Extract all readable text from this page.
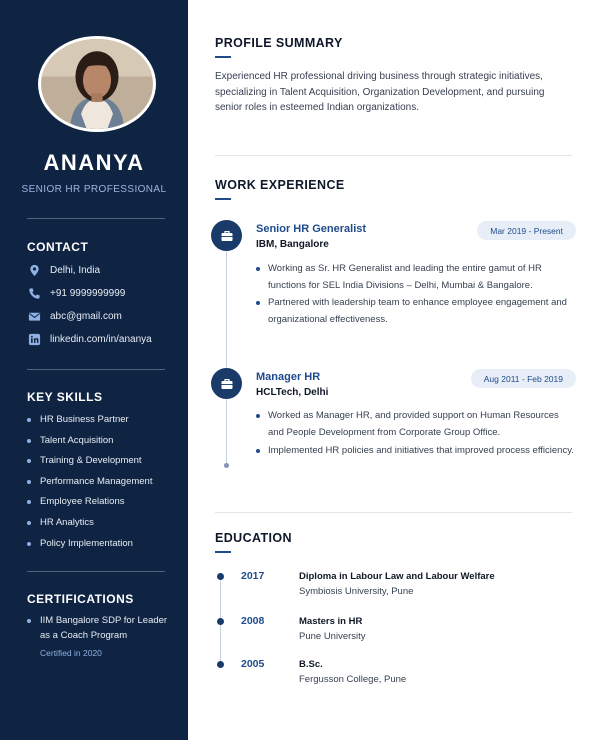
ANANYA
SENIOR HR PROFESSIONAL
CONTACT
Delhi, India
+91 9999999999
abc@gmail.com
linkedin.com/in/ananya
KEY SKILLS
HR Business Partner
Talent Acquisition
Training & Development
Performance Management
Employee Relations
HR Analytics
Policy Implementation
CERTIFICATIONS
IIM Bangalore SDP for Leader as a Coach Program
Certified in 2020
PROFILE SUMMARY
Experienced HR professional driving business through strategic initiatives, specializing in Talent Acquisition, Organization Development, and pursuing senior roles in esteemed Indian organizations.
WORK EXPERIENCE
Senior HR Generalist
IBM, Bangalore
Mar 2019 - Present
Working as Sr. HR Generalist and leading the entire gamut of HR functions for SEL India Divisions – Delhi, Mumbai & Bangalore.
Partnered with leadership team to enhance employee engagement and organizational effectiveness.
Manager HR
HCLTech, Delhi
Aug 2011 - Feb 2019
Worked as Manager HR, and provided support on Human Resources and People Development from Corporate Group Office.
Implemented HR policies and initiatives that improved process efficiency.
EDUCATION
2017	Diploma in Labour Law and Labour Welfare
Symbiosis University, Pune
2008	Masters in HR
Pune University
2005	B.Sc.
Fergusson College, Pune
